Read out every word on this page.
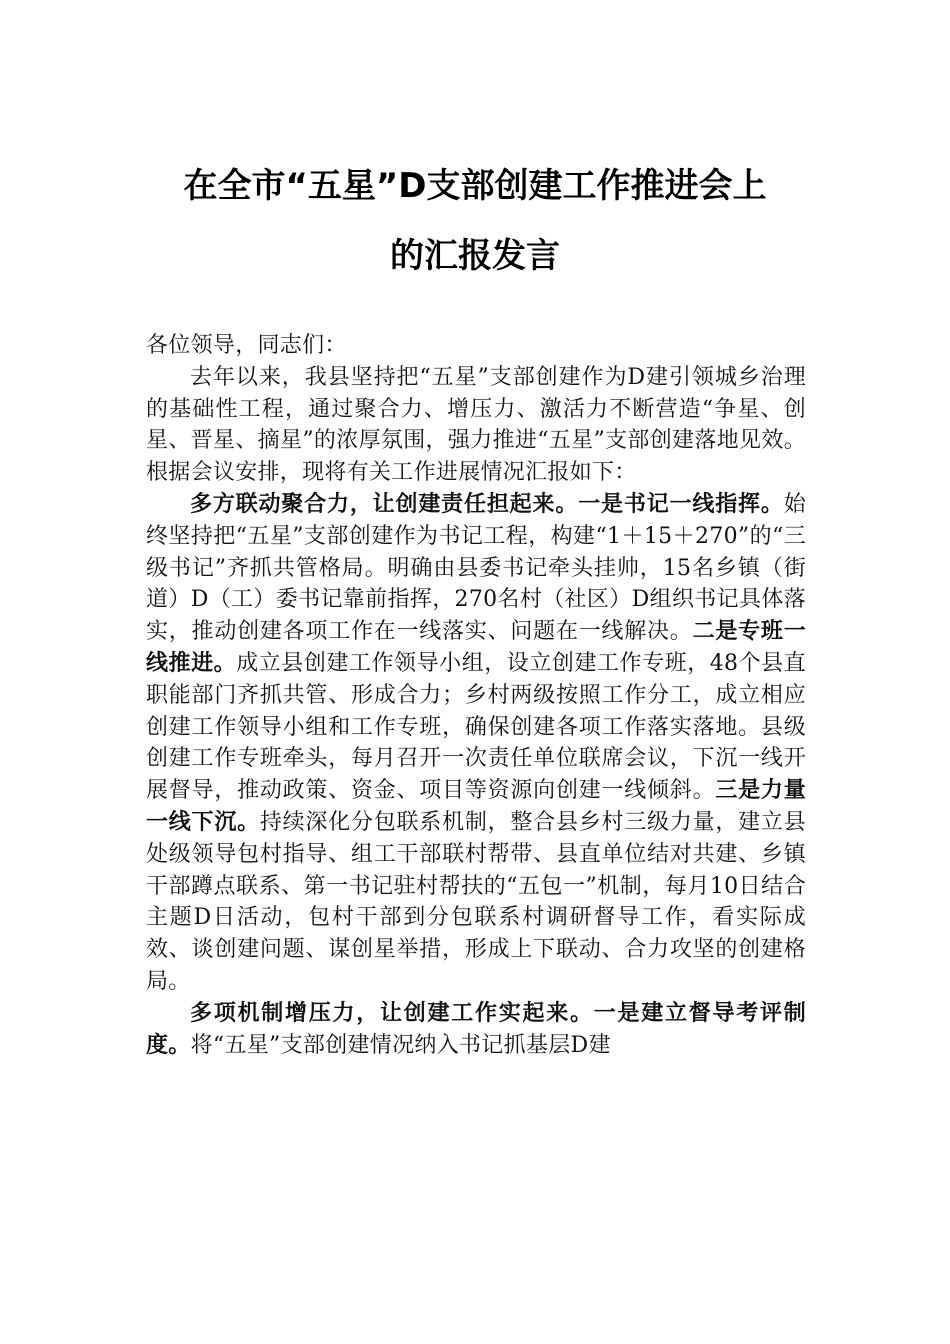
在全市“五星”D支部创建工作推进会上
的汇报发言

各位领导，同志们：

去年以来，我县坚持把“五星”支部创建作为D建引领城乡治理的基础性工程，通过聚合力、增压力、激活力不断营造“争星、创星、晋星、摘星”的浓厚氛围，强力推进“五星”支部创建落地见效。根据会议安排，现将有关工作进展情况汇报如下：

多方联动聚合力，让创建责任担起来。一是书记一线指挥。始终坚持把“五星”支部创建作为书记工程，构建“1＋15＋270”的“三级书记”齐抓共管格局。明确由县委书记牵头挂帅，15名乡镇（街道）D（工）委书记靠前指挥，270名村（社区）D组织书记具体落实，推动创建各项工作在一线落实、问题在一线解决。二是专班一线推进。成立县创建工作领导小组，设立创建工作专班，48个县直职能部门齐抓共管、形成合力；乡村两级按照工作分工，成立相应创建工作领导小组和工作专班，确保创建各项工作落实落地。县级创建工作专班牵头，每月召开一次责任单位联席会议，下沉一线开展督导，推动政策、资金、项目等资源向创建一线倾斜。三是力量一线下沉。持续深化分包联系机制，整合县乡村三级力量，建立县处级领导包村指导、组工干部联村帮带、县直单位结对共建、乡镇干部蹲点联系、第一书记驻村帮扶的“五包一”机制，每月10日结合主题D日活动，包村干部到分包联系村调研督导工作，看实际成效、谈创建问题、谋创星举措，形成上下联动、合力攻坚的创建格局。

多项机制增压力，让创建工作实起来。一是建立督导考评制度。将“五星”支部创建情况纳入书记抓基层D建
